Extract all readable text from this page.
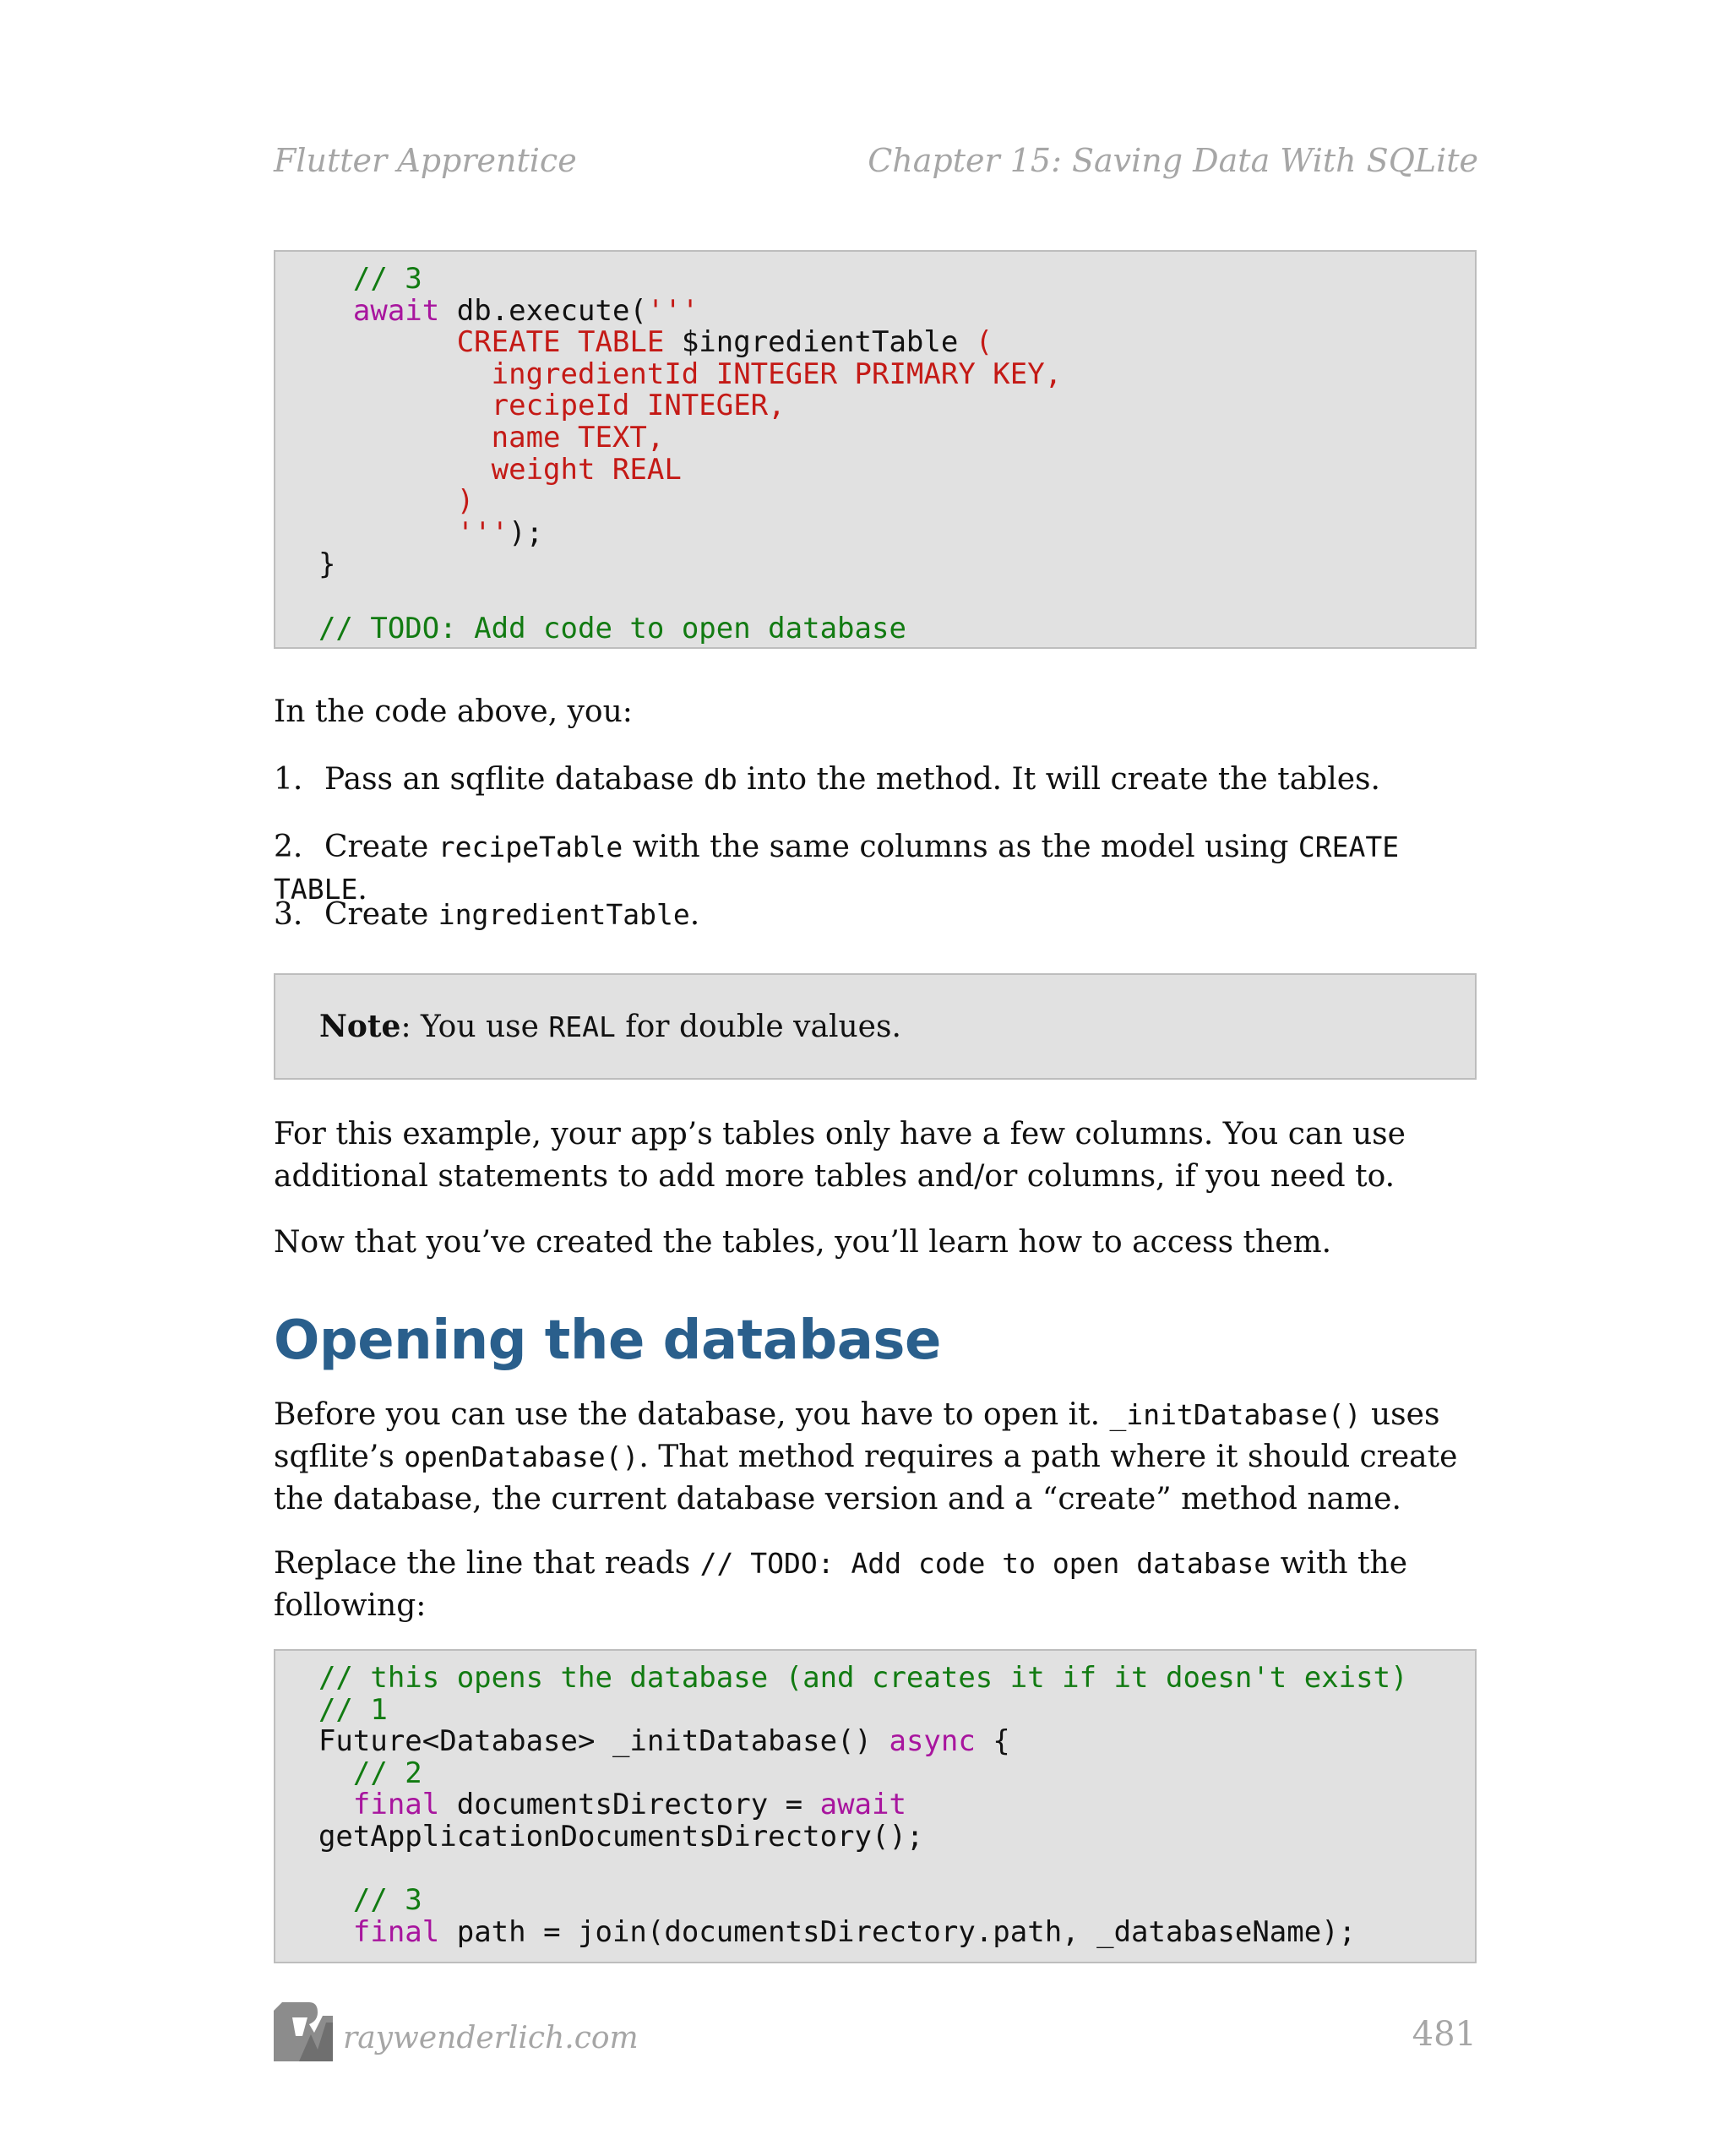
Flutter Apprentice	Chapter 15: Saving Data With SQLite
// 3
await db.execute('''
CREATE TABLE $ingredientTable (
ingredientId INTEGER PRIMARY KEY,
recipeId INTEGER,
name TEXT,
weight REAL
)
''');
}
// TODO: Add code to open database
In the code above, you:
1. Pass an sqflite database db into the method. It will create the tables.
2. Create recipeTable with the same columns as the model using CREATE TABLE.
3. Create ingredientTable.
Note: You use REAL for double values.
For this example, your app’s tables only have a few columns. You can use additional statements to add more tables and/or columns, if you need to.
Now that you’ve created the tables, you’ll learn how to access them.
Opening the database
Before you can use the database, you have to open it. _initDatabase() uses sqflite’s openDatabase(). That method requires a path where it should create the database, the current database version and a “create” method name.
Replace the line that reads // TODO: Add code to open database with the following:
// this opens the database (and creates it if it doesn't exist)
// 1
Future<Database> _initDatabase() async {
// 2
final documentsDirectory = await
getApplicationDocumentsDirectory();
// 3
final path = join(documentsDirectory.path, _databaseName);
raywenderlich.com	481
